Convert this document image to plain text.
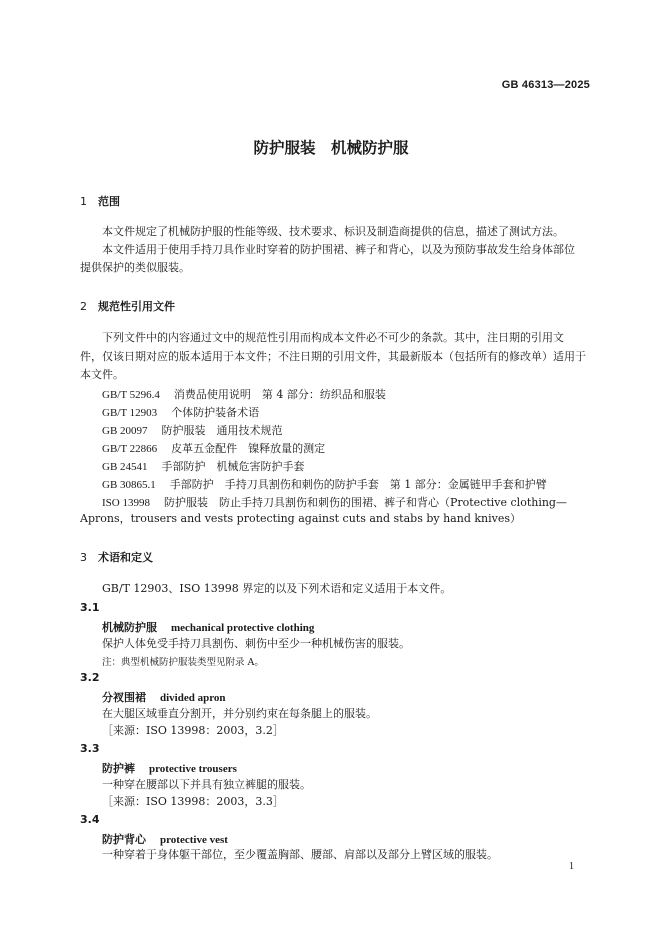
GB 46313—2025
防护服装　机械防护服
1 范围
本文件规定了机械防护服的性能等级、技术要求、标识及制造商提供的信息，描述了测试方法。
本文件适用于使用手持刀具作业时穿着的防护围裙、裤子和背心，以及为预防事故发生给身体部位
提供保护的类似服装。
2 规范性引用文件
下列文件中的内容通过文中的规范性引用而构成本文件必不可少的条款。其中，注日期的引用文
件，仅该日期对应的版本适用于本文件；不注日期的引用文件，其最新版本（包括所有的修改单）适用于
本文件。
GB/T 5296.4 消费品使用说明　第 4 部分：纺织品和服装
GB/T 12903 个体防护装备术语
GB 20097 防护服装　通用技术规范
GB/T 22866 皮革五金配件　镍释放量的测定
GB 24541 手部防护　机械危害防护手套
GB 30865.1 手部防护　手持刀具割伤和刺伤的防护手套　第 1 部分：金属链甲手套和护臂
ISO 13998 防护服装　防止手持刀具割伤和刺伤的围裙、裤子和背心（Protective clothing—
Aprons，trousers and vests protecting against cuts and stabs by hand knives）
3 术语和定义
GB/T 12903、ISO 13998 界定的以及下列术语和定义适用于本文件。
3.1
机械防护服 mechanical protective clothing
保护人体免受手持刀具割伤、刺伤中至少一种机械伤害的服装。
注：典型机械防护服装类型见附录 A。
3.2
分衩围裙 divided apron
在大腿区域垂直分割开，并分别约束在每条腿上的服装。
［来源：ISO 13998：2003，3.2］
3.3
防护裤 protective trousers
一种穿在腰部以下并具有独立裤腿的服装。
［来源：ISO 13998：2003，3.3］
3.4
防护背心 protective vest
一种穿着于身体躯干部位，至少覆盖胸部、腰部、肩部以及部分上臂区域的服装。
1
